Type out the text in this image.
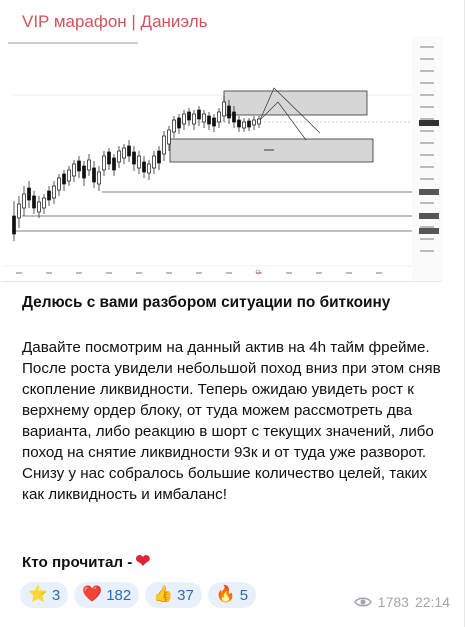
VIP марафон | Даниэль
Делюсь с вами разбором ситуации по биткоину
Давайте посмотрим на данный актив на 4h тайм фрейме. После роста увидели небольшой поход вниз при этом сняв скопление ликвидности. Теперь ожидаю увидеть рост к верхнему ордер блоку, от туда можем рассмотреть два варианта, либо реакцию в шорт с текущих значений, либо поход на снятие ликвидности 93к и от туда уже разворот. Снизу у нас собралось большие количество целей, таких как ликвидность и имбаланс!
Кто прочитал - ❤
⭐ 3 ❤️ 182 👍 37 🔥 5	1783 22:14
